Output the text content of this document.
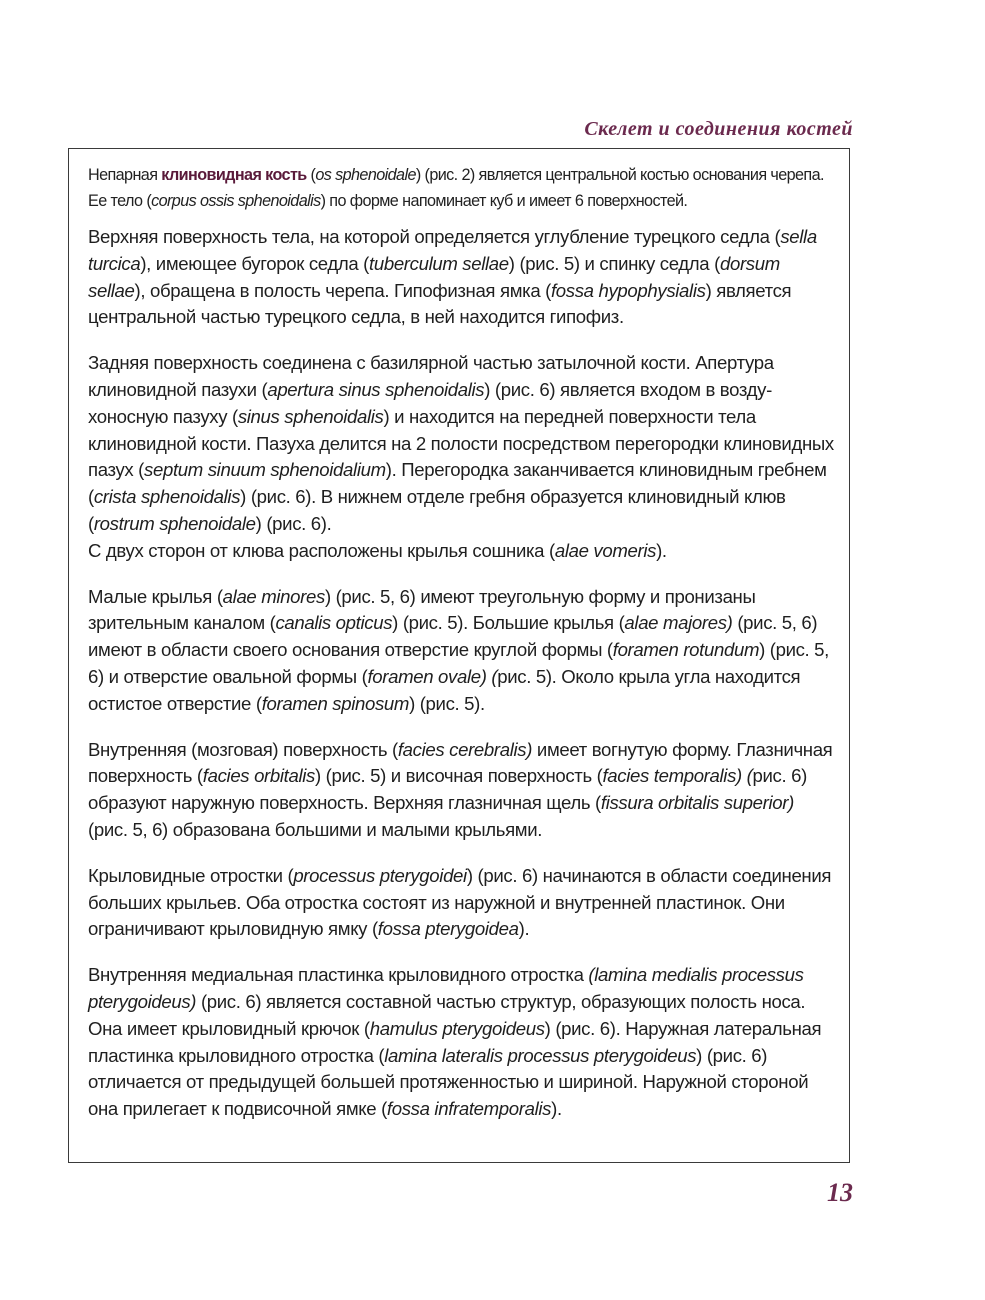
Скелет и соединения костей

Непарная клиновидная кость (os sphenoidale) (рис. 2) является центральной костью основания черепа. Ее тело (corpus ossis sphenoidalis) по форме напоминает куб и имеет 6 поверхностей.

Верхняя поверхность тела, на которой определяется углубление турецкого седла (sella turcica), имеющее бугорок седла (tuberculum sellae) (рис. 5) и спинку седла (dorsum sellae), обращена в полость черепа. Гипофизная ямка (fossa hypophysialis) является центральной частью турецкого седла, в ней находится гипофиз.

Задняя поверхность соединена с базилярной частью затылочной кости. Апертура клиновидной пазухи (apertura sinus sphenoidalis) (рис. 6) является входом в воздухоносную пазуху (sinus sphenoidalis) и находится на передней поверхности тела клиновидной кости. Пазуха делится на 2 полости посредством перегородки клиновидных пазух (septum sinuum sphenoidalium). Перегородка заканчивается клиновидным гребнем (crista sphenoidalis) (рис. 6). В нижнем отделе гребня образуется клиновидный клюв (rostrum sphenoidale) (рис. 6).
С двух сторон от клюва расположены крылья сошника (alae vomeris).

Малые крылья (alae minores) (рис. 5, 6) имеют треугольную форму и пронизаны зрительным каналом (canalis opticus) (рис. 5). Большие крылья (alae majores) (рис. 5, 6) имеют в области своего основания отверстие круглой формы (foramen rotundum) (рис. 5, 6) и отверстие овальной формы (foramen ovale) (рис. 5). Около крыла угла находится остистое отверстие (foramen spinosum) (рис. 5).

Внутренняя (мозговая) поверхность (facies cerebralis) имеет вогнутую форму. Глазничная поверхность (facies orbitalis) (рис. 5) и височная поверхность (facies temporalis) (рис. 6) образуют наружную поверхность. Верхняя глазничная щель (fissura orbitalis superior) (рис. 5, 6) образована большими и малыми крыльями.

Крыловидные отростки (processus pterygoidei) (рис. 6) начинаются в области соединения больших крыльев. Оба отростка состоят из наружной и внутренней пластинок. Они ограничивают крыловидную ямку (fossa pterygoidea).

Внутренняя медиальная пластинка крыловидного отростка (lamina medialis processus pterygoideus) (рис. 6) является составной частью структур, образующих полость носа. Она имеет крыловидный крючок (hamulus pterygoideus) (рис. 6). Наружная латеральная пластинка крыловидного отростка (lamina lateralis processus pterygoideus) (рис. 6) отличается от предыдущей большей протяженностью и шириной. Наружной стороной она прилегает к подвисочной ямке (fossa infratemporalis).

13
